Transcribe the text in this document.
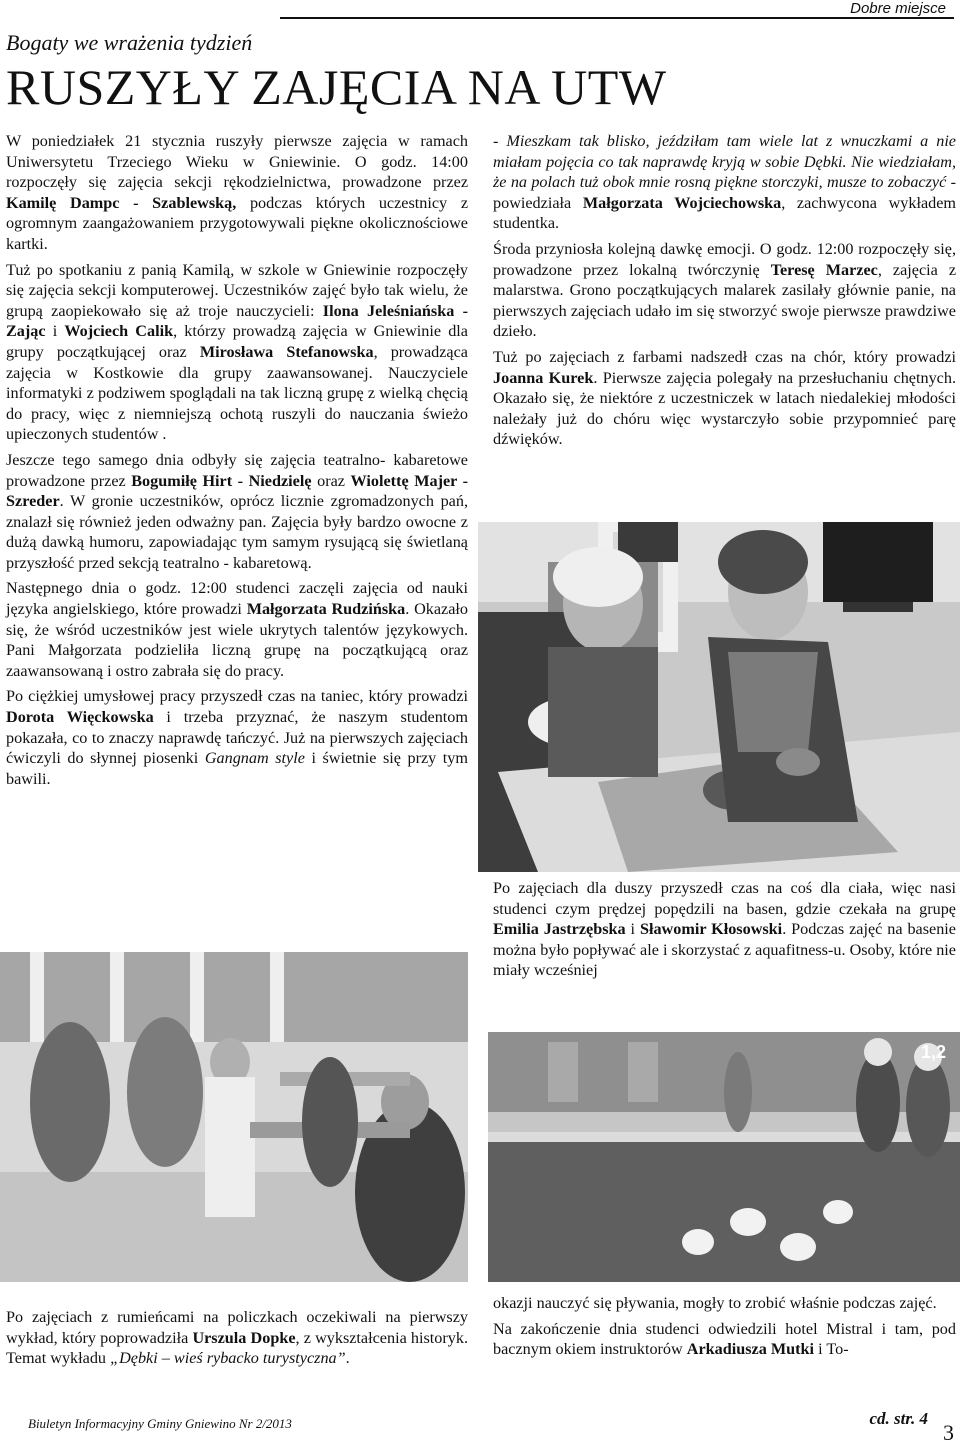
Dobre miejsce
Bogaty we wrażenia tydzień
RUSZYŁY ZAJĘCIA NA UTW

W poniedziałek 21 stycznia ruszyły pierwsze zajęcia w ramach Uniwersytetu Trzeciego Wieku w Gniewinie. O godz. 14:00 rozpoczęły się zajęcia sekcji rękodzielnictwa, prowadzone przez Kamilę Dampc - Szablewską, podczas których uczestnicy z ogromnym zaangażowaniem przygotowywali piękne okolicznościowe kartki.

Tuż po spotkaniu z panią Kamilą, w szkole w Gniewinie rozpoczęły się zajęcia sekcji komputerowej. Uczestników zajęć było tak wielu, że grupą zaopiekowało się aż troje nauczycieli: Ilona Jeleśniańska - Zając i Wojciech Calik, którzy prowadzą zajęcia w Gniewinie dla grupy początkującej oraz Mirosława Stefanowska, prowadząca zajęcia w Kostkowie dla grupy zaawansowanej. Nauczyciele informatyki z podziwem spoglądali na tak liczną grupę z wielką chęcią do pracy, więc z niemniejszą ochotą ruszyli do nauczania świeżo upieczonych studentów .

Jeszcze tego samego dnia odbyły się zajęcia teatralno- kabaretowe prowadzone przez Bogumiłę Hirt - Niedzielę oraz Wiolettę Majer - Szreder. W gronie uczestników, oprócz licznie zgromadzonych pań, znalazł się również jeden odważny pan. Zajęcia były bardzo owocne z dużą dawką humoru, zapowiadając tym samym rysującą się świetlaną przyszłość przed sekcją teatralno - kabaretową.

Następnego dnia o godz. 12:00 studenci zaczęli zajęcia od nauki języka angielskiego, które prowadzi Małgorzata Rudzińska. Okazało się, że wśród uczestników jest wiele ukrytych talentów językowych. Pani Małgorzata podzieliła liczną grupę na początkującą oraz zaawansowaną i ostro zabrała się do pracy.

Po ciężkiej umysłowej pracy przyszedł czas na taniec, który prowadzi Dorota Więckowska i trzeba przyznać, że naszym studentom pokazała, co to znaczy naprawdę tańczyć. Już na pierwszych zajęciach ćwiczyli do słynnej piosenki Gangnam style i świetnie się przy tym bawili.

- Mieszkam tak blisko, jeździłam tam wiele lat z wnuczkami a nie miałam pojęcia co tak naprawdę kryją w sobie Dębki. Nie wiedziałam, że na polach tuż obok mnie rosną piękne storczyki, musze to zobaczyć - powiedziała Małgorzata Wojciechowska, zachwycona wykładem studentka.

Środa przyniosła kolejną dawkę emocji. O godz. 12:00 rozpoczęły się, prowadzone przez lokalną twórczynię Teresę Marzec, zajęcia z malarstwa. Grono początkujących malarek zasilały głównie panie, na pierwszych zajęciach udało im się stworzyć swoje pierwsze prawdziwe dzieło.

Tuż po zajęciach z farbami nadszedł czas na chór, który prowadzi Joanna Kurek. Pierwsze zajęcia polegały na przesłuchaniu chętnych. Okazało się, że niektóre z uczestniczek w latach niedalekiej młodości należały już do chóru więc wystarczyło sobie przypomnieć parę dźwięków.

Po zajęciach dla duszy przyszedł czas na coś dla ciała, więc nasi studenci czym prędzej popędzili na basen, gdzie czekała na grupę Emilia Jastrzębska i Sławomir Kłosowski. Podczas zajęć na basenie można było popływać ale i skorzystać z aquafitness-u. Osoby, które nie miały wcześniej

1,2

Po zajęciach z rumieńcami na policzkach oczekiwali na pierwszy wykład, który poprowadziła Urszula Dopke, z wykształcenia historyk. Temat wykładu „Dębki – wieś rybacko turystyczna”.

okazji nauczyć się pływania, mogły to zrobić właśnie podczas zajęć.

Na zakończenie dnia studenci odwiedzili hotel Mistral i tam, pod bacznym okiem instruktorów Arkadiusza Mutki i To-

cd. str. 4
Biuletyn Informacyjny Gminy Gniewino Nr 2/2013	3
